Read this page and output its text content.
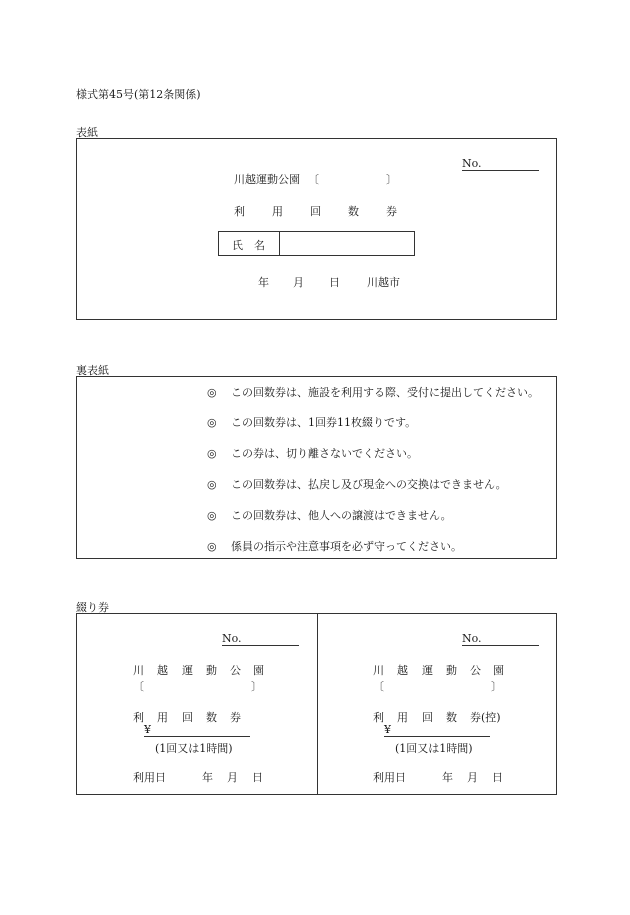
様式第45号(第12条関係)
表紙
No.
川越運動公園 〔	〕
利 用 回 数 券
氏　名
年 月 日 川越市
裏表紙
◎ この回数券は、施設を利用する際、受付に提出してください。
◎ この回数券は、1回券11枚綴りです。
◎ この券は、切り離さないでください。
◎ この回数券は、払戻し及び現金への交換はできません。
◎ この回数券は、他人への譲渡はできません。
◎ 係員の指示や注意事項を必ず守ってください。
綴り券
No.
川 越 運 動 公 園
〔	〕
利 用 回 数 券
¥
(1回又は1時間)
利用日	年 月 日
No.
川 越 運 動 公 園
〔	〕
利 用 回 数 券(控)
¥
(1回又は1時間)
利用日	年 月 日
